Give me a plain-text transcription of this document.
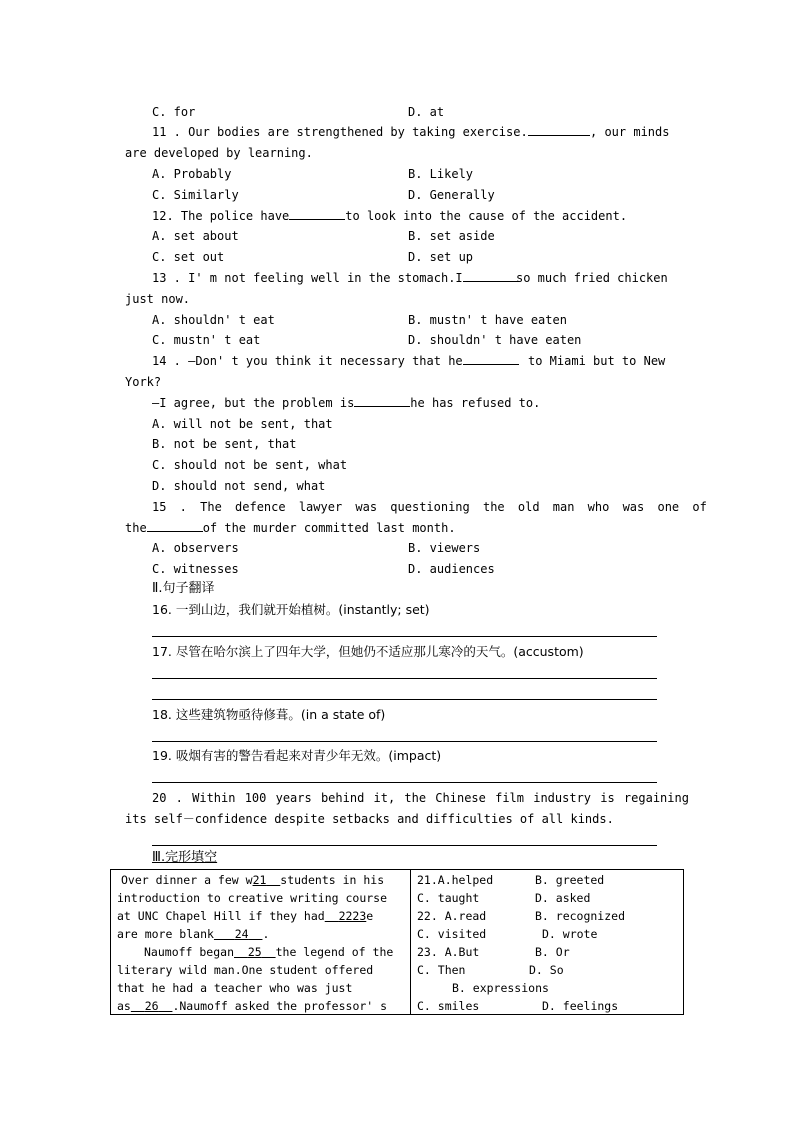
C. for	D. at
11 . Our bodies are strengthened by taking exercise.	, our minds
are developed by learning.
A. Probably	B. Likely
C. Similarly	D. Generally
12. The police have	to look into the cause of the accident.
A. set about	B. set aside
C. set out	D. set up
13 . I' m not feeling well in the stomach.I	so much fried chicken
just now.
A. shouldn' t eat	B. mustn' t have eaten
C. mustn' t eat	D. shouldn' t have eaten
14 . —Don' t you think it necessary that he	to Miami but to New
York?
—I agree, but the problem is	he has refused to.
A. will not be sent, that
B. not be sent, that
C. should not be sent, what
D. should not send, what
15 . The defence lawyer was questioning the old man who was one of
the	of the murder committed last month.
A. observers	B. viewers
C. witnesses	D. audiences
Ⅱ.句子翻译
16. 一到山边，我们就开始植树。(instantly; set)
17. 尽管在哈尔滨上了四年大学，但她仍不适应那儿寒冷的天气。(accustom)
18. 这些建筑物亟待修葺。(in a state of)
19. 吸烟有害的警告看起来对青少年无效。(impact)
20 . Within 100 years behind it, the Chinese film industry is regaining
its self－confidence despite setbacks and difficulties of all kinds.
Ⅲ.完形填空
Over dinner a few w21 students in his
introduction to creative writing course
at UNC Chapel Hill if they had 2223e
are more blank 24 .
Naumoff began 25 the legend of the
literary wild man.One student offered
that he had a teacher who was just
as 26 .Naumoff asked the professor' s
21.A.helped	B. greeted
C. taught	D. asked
22. A.read	B. recognized
C. visited	D. wrote
23. A.But	B. Or
C. Then	D. So
B. expressions
C. smiles	D. feelings
